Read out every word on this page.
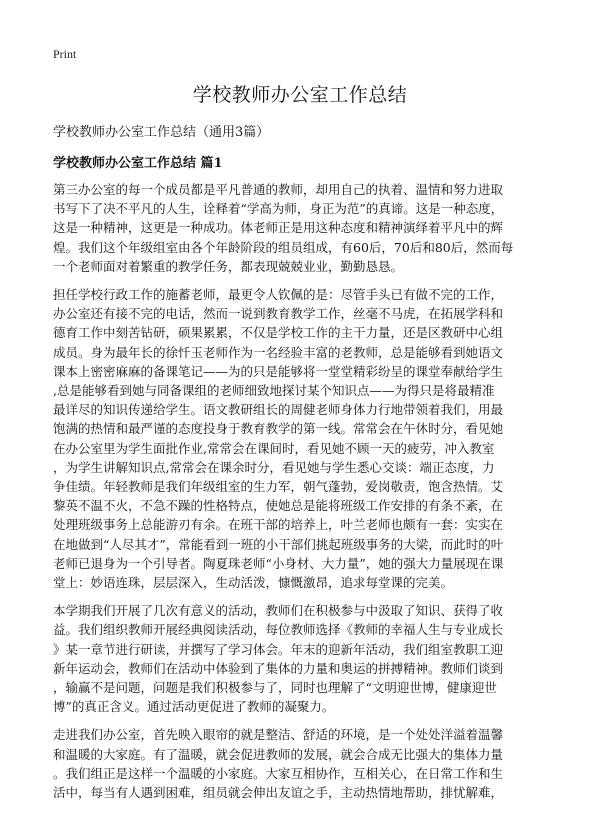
Print
学校教师办公室工作总结
学校教师办公室工作总结（通用3篇）
学校教师办公室工作总结 篇1

第三办公室的每一个成员都是平凡普通的教师，却用自己的执着、温情和努力进取
书写下了决不平凡的人生，诠释着“学高为师，身正为范”的真谛。这是一种态度，
这是一种精神，这更是一种成功。体老师正是用这种态度和精神演绎着平凡中的辉
煌。我们这个年级组室由各个年龄阶段的组员组成，有60后，70后和80后，然而每
一个老师面对着繁重的教学任务，都表现兢兢业业，勤勤恳恳。

担任学校行政工作的施蓄老师，最更令人钦佩的是：尽管手头已有做不完的工作，
办公室还有接不完的电话，然而一说到教育教学工作，丝毫不马虎，在拓展学科和
德育工作中刻苦钻研，硕果累累，不仅是学校工作的主干力量，还是区教研中心组
成员。身为最年长的徐忏玉老师作为一名经验丰富的老教师，总是能够看到她语文
课本上密密麻麻的备课笔记——为的只是能够将一堂堂精彩纷呈的课堂奉献给学生
,总是能够看到她与同备课组的老师细致地探讨某个知识点——为得只是将最精准
最详尽的知识传递给学生。语文教研组长的周健老师身体力行地带领着我们，用最
饱满的热情和最严谨的态度投身于教育教学的第一线。常常会在午休时分，看见她
在办公室里为学生面批作业,常常会在课间时，看见她不顾一天的疲劳，冲入教室
，为学生讲解知识点,常常会在课余时分，看见她与学生悉心交谈：端正态度，力
争佳绩。年轻教师是我们年级组室的生力军，朝气蓬勃，爱岗敬责，饱含热情。艾
黎英不温不火，不急不躁的性格特点，使她总是能将班级工作安排的有条不紊，在
处理班级事务上总能游刃有余。在班干部的培养上，叶兰老师也颇有一套：实实在
在地做到“人尽其才”，常能看到一班的小干部们挑起班级事务的大梁，而此时的叶
老师已退身为一个引导者。陶夏珠老师“小身材、大力量”，她的强大力量展现在课
堂上：妙语连珠，层层深入，生动活泼，慷慨激昂，追求每堂课的完美。

本学期我们开展了几次有意义的活动，教师们在积极参与中汲取了知识、获得了收
益。我们组织教师开展经典阅读活动，每位教师选择《教师的幸福人生与专业成长
》某一章节进行研读，并撰写了学习体会。年末的迎新年活动，我们组室教职工迎
新年运动会，教师们在活动中体验到了集体的力量和奥运的拼搏精神。教师们谈到
，输赢不是问题，问题是我们积极参与了，同时也理解了“文明迎世博，健康迎世
博”的真正含义。通过活动更促进了教师的凝聚力。

走进我们办公室，首先映入眼帘的就是整洁、舒适的环境，是一个处处洋溢着温馨
和温暖的大家庭。有了温暖，就会促进教师的发展，就会合成无比强大的集体力量
。我们组正是这样一个温暖的小家庭。大家互相协作，互相关心，在日常工作和生
活中，每当有人遇到困难，组员就会伸出友谊之手，主动热情地帮助，排忧解难，
